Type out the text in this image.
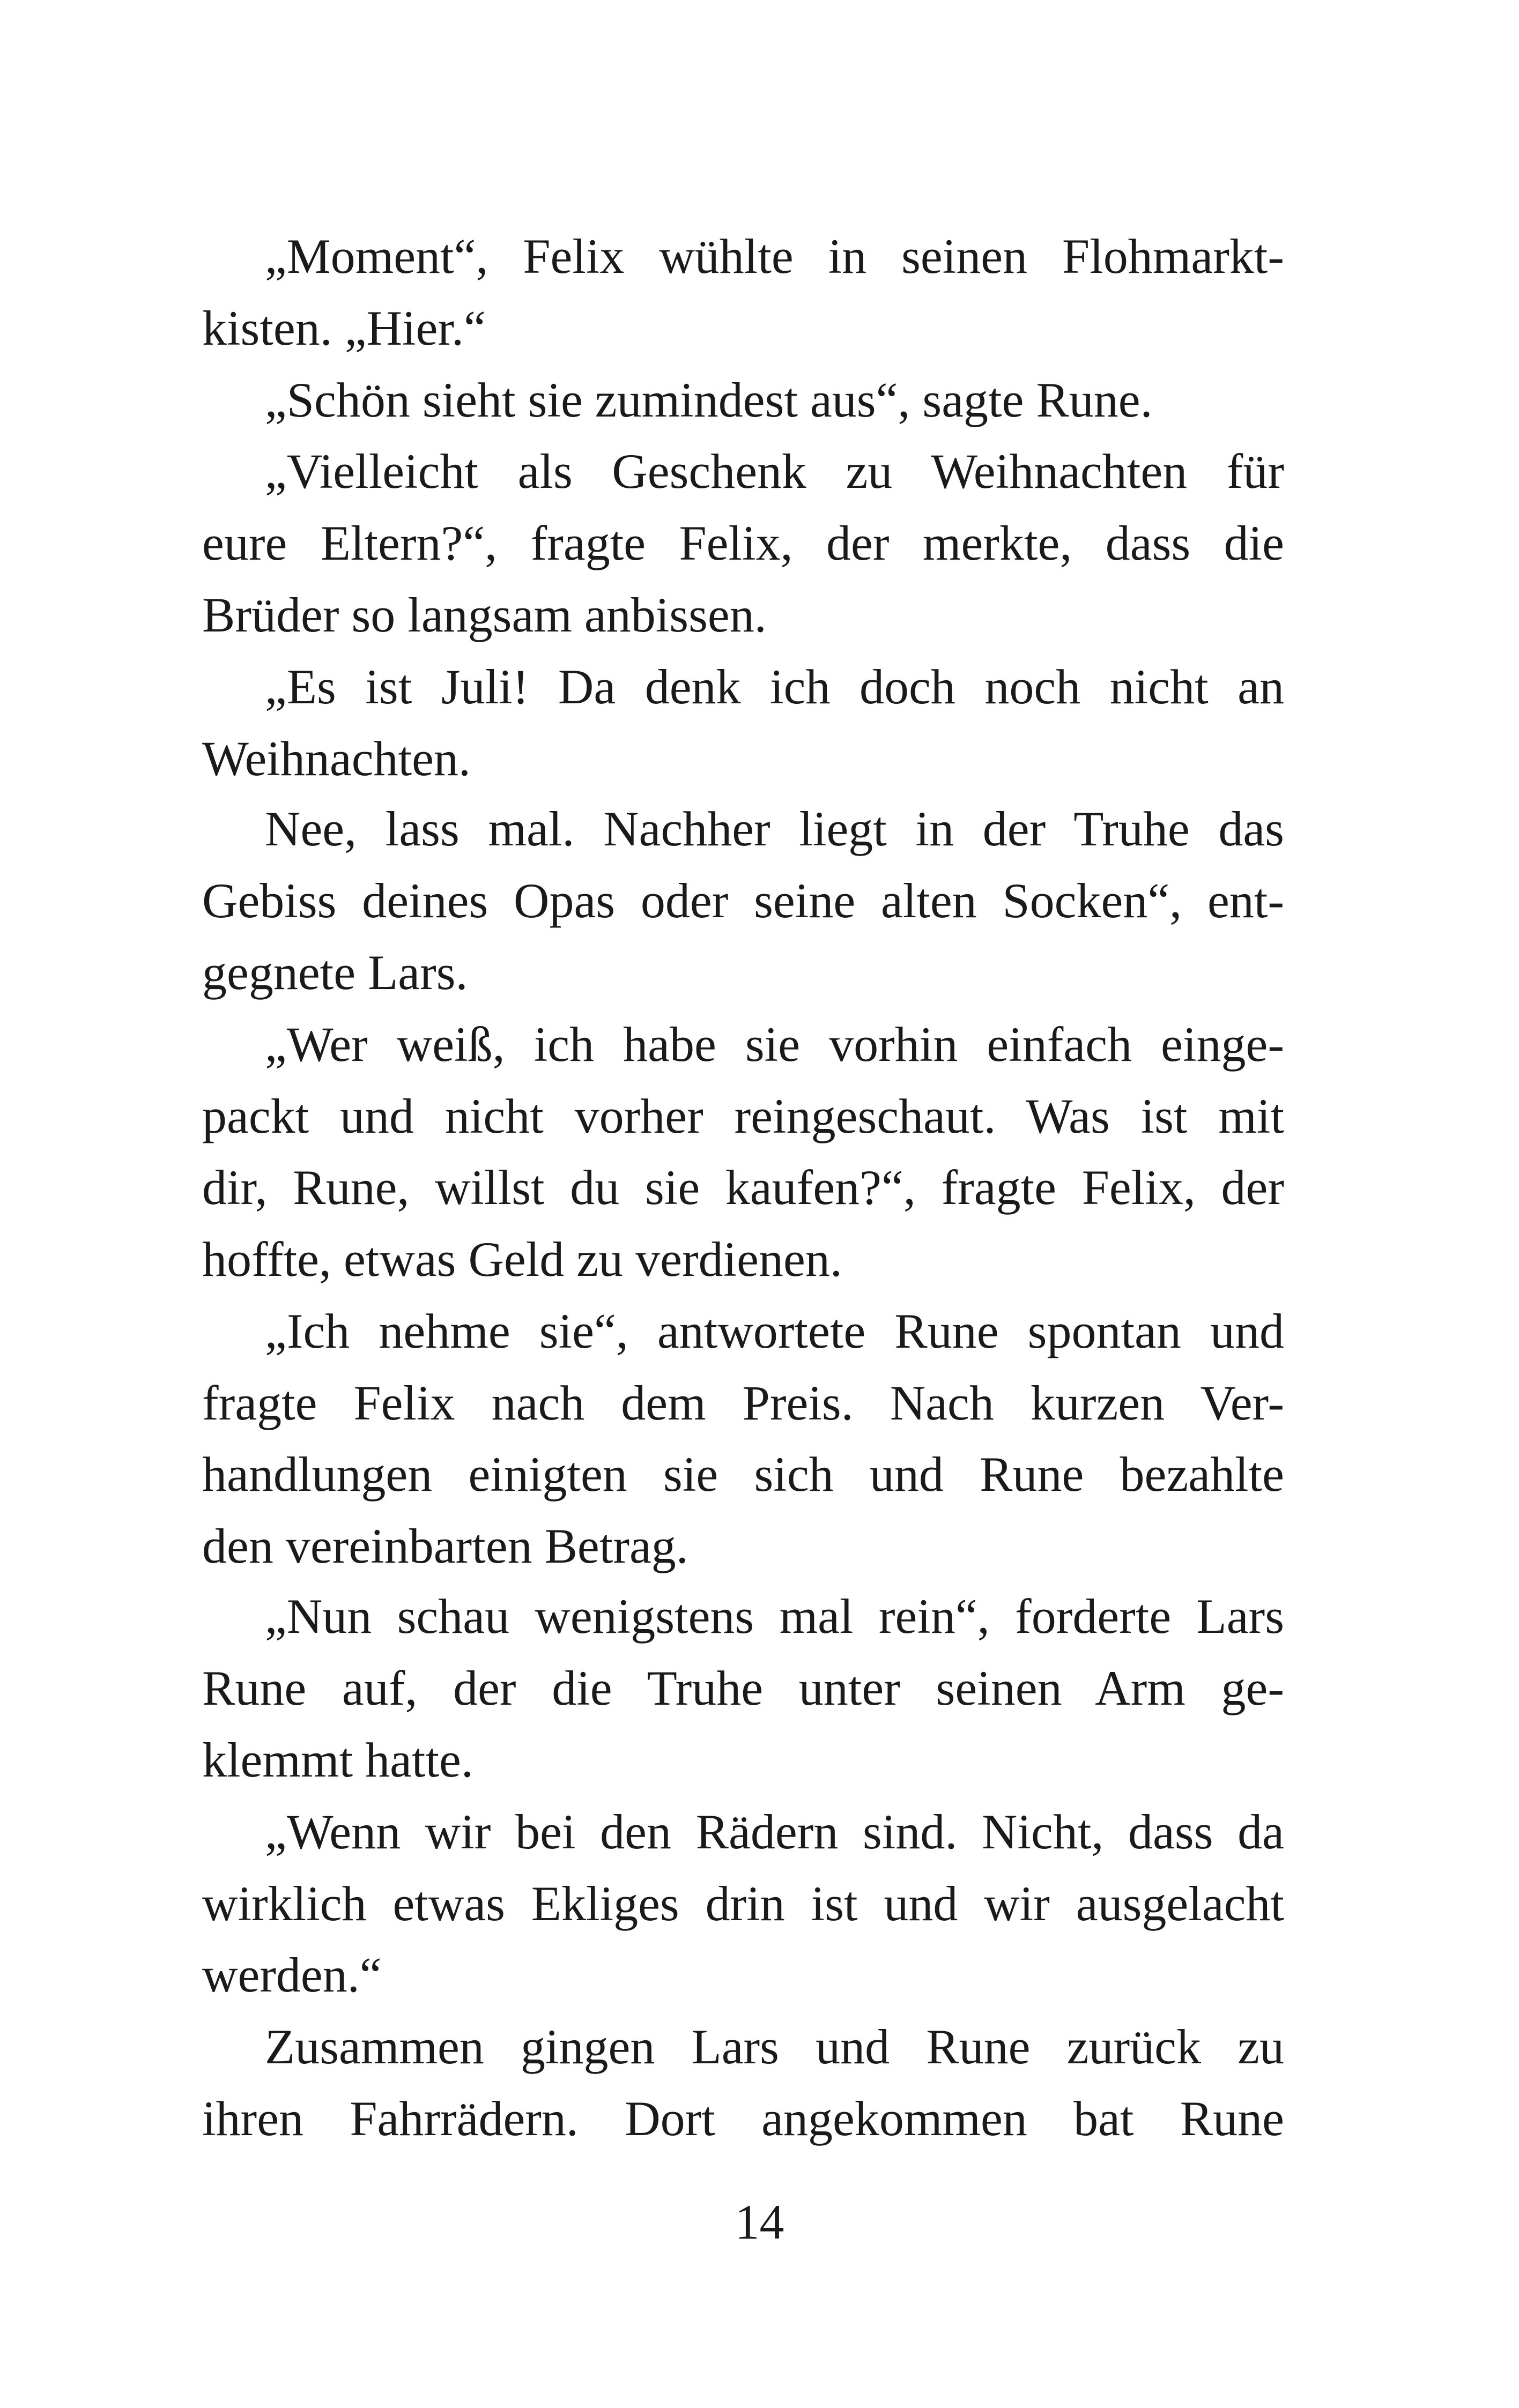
„Moment“, Felix wühlte in seinen Flohmarkt-
kisten. „Hier.“
„Schön sieht sie zumindest aus“, sagte Rune.
„Vielleicht als Geschenk zu Weihnachten für
eure Eltern?“, fragte Felix, der merkte, dass die
Brüder so langsam anbissen.
„Es ist Juli! Da denk ich doch noch nicht an
Weihnachten.
Nee, lass mal. Nachher liegt in der Truhe das
Gebiss deines Opas oder seine alten Socken“, ent-
gegnete Lars.
„Wer weiß, ich habe sie vorhin einfach einge-
packt und nicht vorher reingeschaut. Was ist mit
dir, Rune, willst du sie kaufen?“, fragte Felix, der
hoffte, etwas Geld zu verdienen.
„Ich nehme sie“, antwortete Rune spontan und
fragte Felix nach dem Preis. Nach kurzen Ver-
handlungen einigten sie sich und Rune bezahlte
den vereinbarten Betrag.
„Nun schau wenigstens mal rein“, forderte Lars
Rune auf, der die Truhe unter seinen Arm ge-
klemmt hatte.
„Wenn wir bei den Rädern sind. Nicht, dass da
wirklich etwas Ekliges drin ist und wir ausgelacht
werden.“
Zusammen gingen Lars und Rune zurück zu
ihren Fahrrädern. Dort angekommen bat Rune
14
